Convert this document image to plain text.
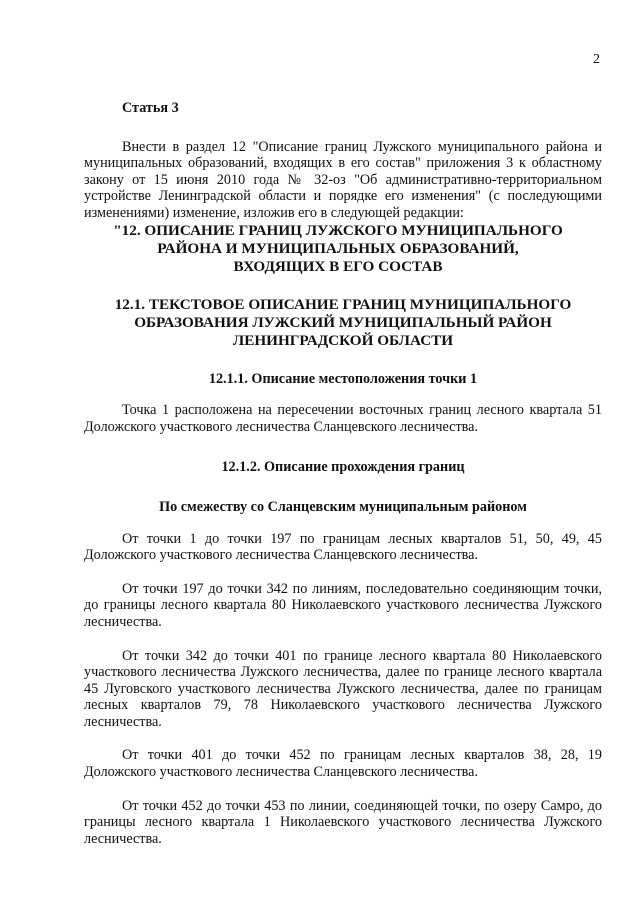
2
Статья 3

Внести в раздел 12 "Описание границ Лужского муниципального района и муниципальных образований, входящих в его состав" приложения 3 к областному закону от 15 июня 2010 года № 32-оз "Об административно-территориальном устройстве Ленинградской области и порядке его изменения" (с последующими изменениями) изменение, изложив его в следующей редакции:

"12. ОПИСАНИЕ ГРАНИЦ ЛУЖСКОГО МУНИЦИПАЛЬНОГО
РАЙОНА И МУНИЦИПАЛЬНЫХ ОБРАЗОВАНИЙ,
ВХОДЯЩИХ В ЕГО СОСТАВ
12.1. ТЕКСТОВОЕ ОПИСАНИЕ ГРАНИЦ МУНИЦИПАЛЬНОГО
ОБРАЗОВАНИЯ ЛУЖСКИЙ МУНИЦИПАЛЬНЫЙ РАЙОН
ЛЕНИНГРАДСКОЙ ОБЛАСТИ
12.1.1. Описание местоположения точки 1

Точка 1 расположена на пересечении восточных границ лесного квартала 51 Доложского участкового лесничества Сланцевского лесничества.

12.1.2. Описание прохождения границ
По смежеству со Сланцевским муниципальным районом

От точки 1 до точки 197 по границам лесных кварталов 51, 50, 49, 45 Доложского участкового лесничества Сланцевского лесничества.

От точки 197 до точки 342 по линиям, последовательно соединяющим точки, до границы лесного квартала 80 Николаевского участкового лесничества Лужского лесничества.

От точки 342 до точки 401 по границе лесного квартала 80 Николаевского участкового лесничества Лужского лесничества, далее по границе лесного квартала 45 Луговского участкового лесничества Лужского лесничества, далее по границам лесных кварталов 79, 78 Николаевского участкового лесничества Лужского лесничества.

От точки 401 до точки 452 по границам лесных кварталов 38, 28, 19 Доложского участкового лесничества Сланцевского лесничества.

От точки 452 до точки 453 по линии, соединяющей точки, по озеру Самро, до границы лесного квартала 1 Николаевского участкового лесничества Лужского лесничества.
